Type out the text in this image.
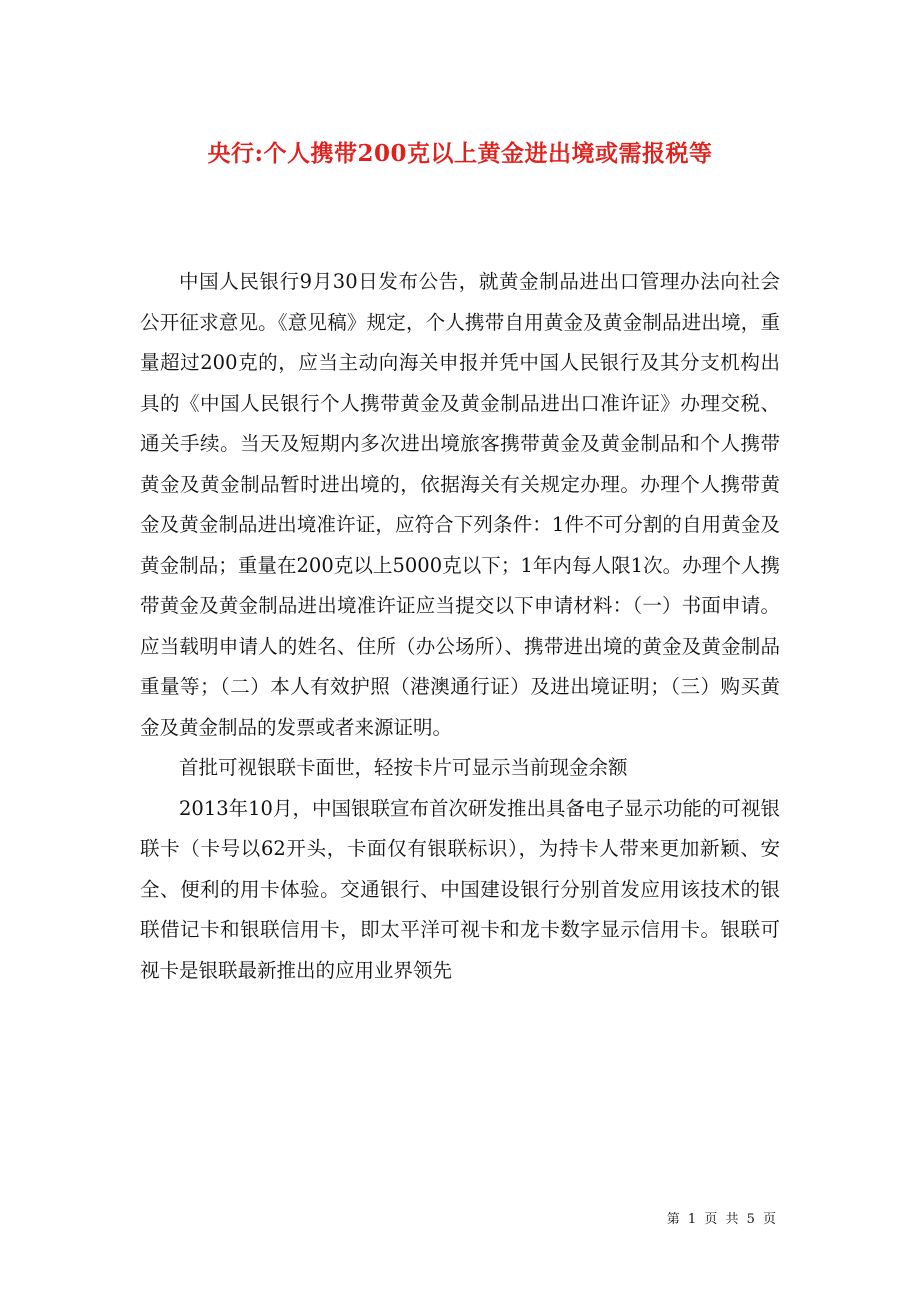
央行:个人携带200克以上黄金进出境或需报税等

中国人民银行9月30日发布公告，就黄金制品进出口管理办法向社会公开征求意见。《意见稿》规定，个人携带自用黄金及黄金制品进出境，重量超过200克的，应当主动向海关申报并凭中国人民银行及其分支机构出具的《中国人民银行个人携带黄金及黄金制品进出口准许证》办理交税、通关手续。当天及短期内多次进出境旅客携带黄金及黄金制品和个人携带黄金及黄金制品暂时进出境的，依据海关有关规定办理。办理个人携带黄金及黄金制品进出境准许证，应符合下列条件：1件不可分割的自用黄金及黄金制品；重量在200克以上5000克以下；1年内每人限1次。办理个人携带黄金及黄金制品进出境准许证应当提交以下申请材料：（一）书面申请。应当载明申请人的姓名、住所（办公场所）、携带进出境的黄金及黄金制品重量等；（二）本人有效护照（港澳通行证）及进出境证明；（三）购买黄金及黄金制品的发票或者来源证明。

首批可视银联卡面世，轻按卡片可显示当前现金余额

2013年10月，中国银联宣布首次研发推出具备电子显示功能的可视银联卡（卡号以62开头，卡面仅有银联标识），为持卡人带来更加新颖、安全、便利的用卡体验。交通银行、中国建设银行分别首发应用该技术的银联借记卡和银联信用卡，即太平洋可视卡和龙卡数字显示信用卡。银联可视卡是银联最新推出的应用业界领先

第 1 页 共 5 页
